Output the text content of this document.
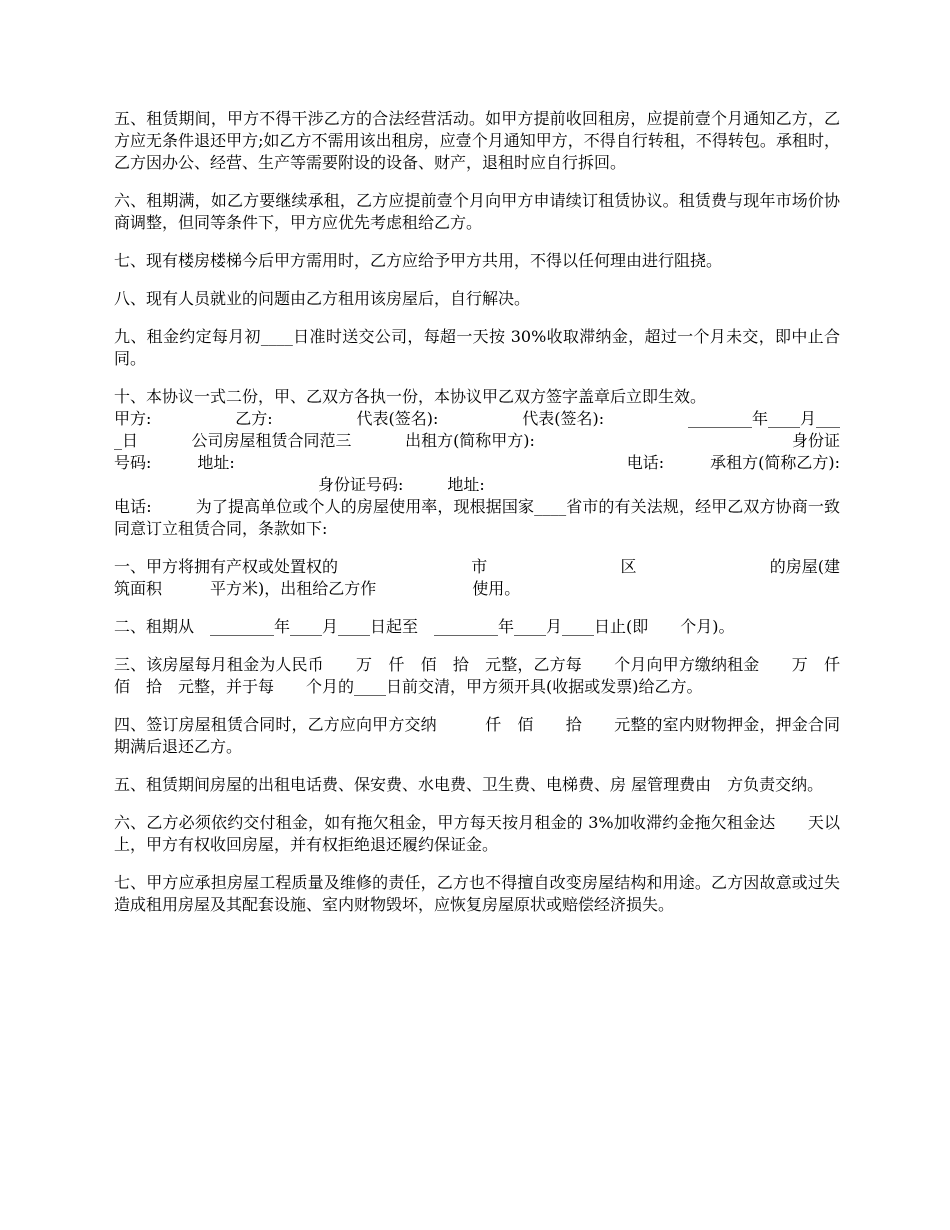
五、租赁期间，甲方不得干涉乙方的合法经营活动。如甲方提前收回租房，应提前壹个月通知乙方，乙方应无条件退还甲方;如乙方不需用该出租房，应壹个月通知甲方，不得自行转租，不得转包。承租时，乙方因办公、经营、生产等需要附设的设备、财产，退租时应自行拆回。

六、租期满，如乙方要继续承租，乙方应提前壹个月向甲方申请续订租赁协议。租赁费与现年市场价协商调整，但同等条件下，甲方应优先考虑租给乙方。

七、现有楼房楼梯今后甲方需用时，乙方应给予甲方共用，不得以任何理由进行阻挠。

八、现有人员就业的问题由乙方租用该房屋后，自行解决。

九、租金约定每月初____日准时送交公司，每超一天按 30%收取滞纳金，超过一个月未交，即中止合同。

十、本协议一式二份，甲、乙双方各执一份，本协议甲乙双方签字盖章后立即生效。

甲方:	乙方:	代表(签名):	代表(签名):	________年____月___
_日	公司房屋租赁合同范三	出租方(简称甲方):	身份证
号码:	地址:	电话:	承租方(简称乙方):
身份证号码:	地址:

电话:	为了提高单位或个人的房屋使用率，现根据国家____省市的有关法规，经甲乙双方协商一致同意订立租赁合同，条款如下:

一、甲方将拥有产权或处置权的	市	区	的房屋(建

筑面积　　　平方米)，出租给乙方作　　　　　　使用。

二、租期从　________年____月____日起至　________年____月____日止(即　　个月)。

三、该房屋每月租金为人民币　　万　仟　佰　拾　元整，乙方每　　个月向甲方缴纳租金　　万　仟　佰　拾　元整，并于每　　个月的____日前交清，甲方须开具(收据或发票)给乙方。

四、签订房屋租赁合同时，乙方应向甲方交纳　　　仟　佰　　拾　　元整的室内财物押金，押金合同期满后退还乙方。

五、租赁期间房屋的出租电话费、保安费、水电费、卫生费、电梯费、房 屋管理费由　方负责交纳。

六、乙方必须依约交付租金，如有拖欠租金，甲方每天按月租金的 3%加收滞约金拖欠租金达　　天以上，甲方有权收回房屋，并有权拒绝退还履约保证金。

七、甲方应承担房屋工程质量及维修的责任，乙方也不得擅自改变房屋结构和用途。乙方因故意或过失造成租用房屋及其配套设施、室内财物毁坏，应恢复房屋原状或赔偿经济损失。
